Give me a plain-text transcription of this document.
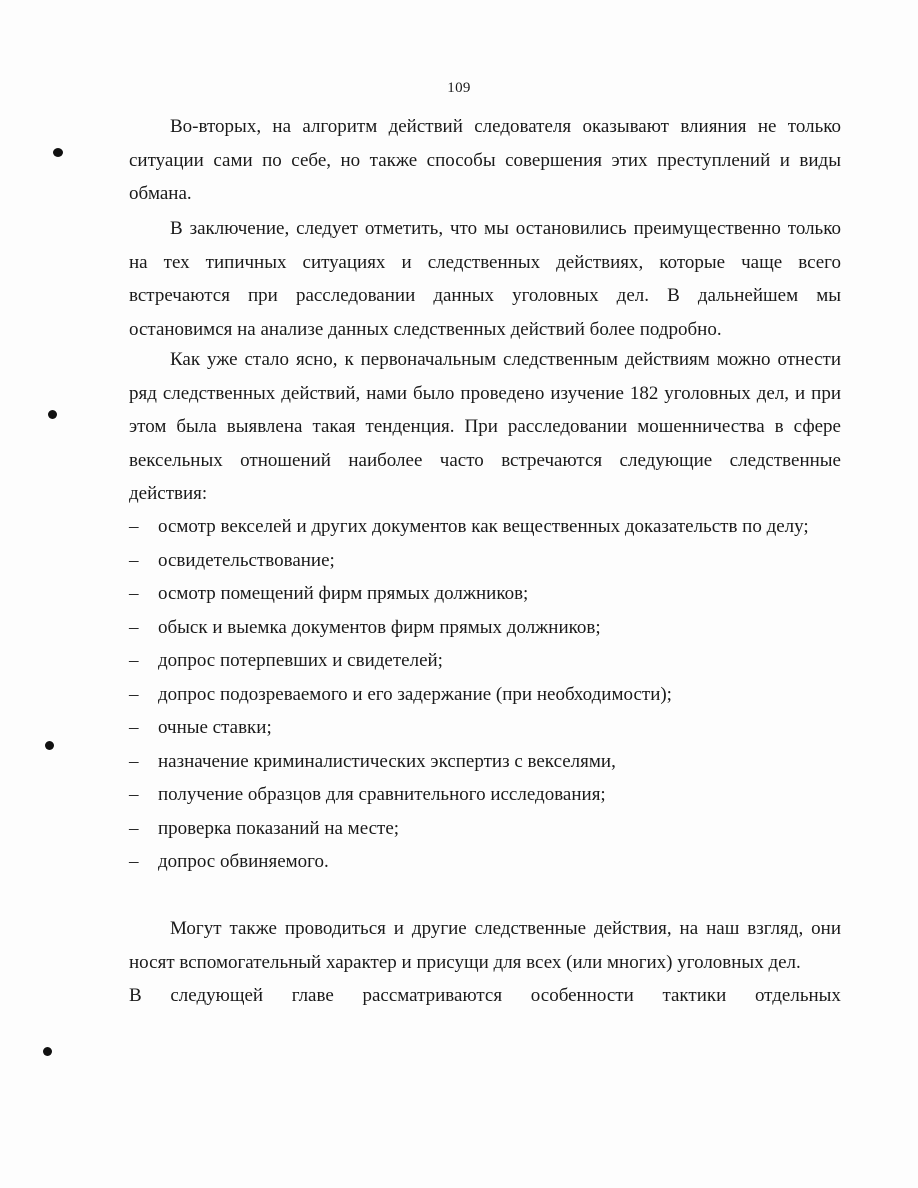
109

Во-вторых, на алгоритм действий следователя оказывают влияния не только ситуации сами по себе, но также способы совершения этих преступлений и виды обмана.

В заключение, следует отметить, что мы остановились преимущественно только на тех типичных ситуациях и следственных действиях, которые чаще всего встречаются при расследовании данных уголовных дел. В дальнейшем мы остановимся на анализе данных следственных действий более подробно.

Как уже стало ясно, к первоначальным следственным действиям можно отнести ряд следственных действий, нами было проведено изучение 182 уголовных дел, и при этом была выявлена такая тенденция. При расследовании мошенничества в сфере вексельных отношений наиболее часто встречаются следующие следственные действия:

– осмотр векселей и других документов как вещественных доказательств по делу;
– освидетельствование;
– осмотр помещений фирм прямых должников;
– обыск и выемка документов фирм прямых должников;
– допрос потерпевших и свидетелей;
– допрос подозреваемого и его задержание (при необходимости);
– очные ставки;
– назначение криминалистических экспертиз с векселями,
– получение образцов для сравнительного исследования;
– проверка показаний на месте;
– допрос обвиняемого.

Могут также проводиться и другие следственные действия, на наш взгляд, они носят вспомогательный характер и присущи для всех (или многих) уголовных дел.

В следующей главе рассматриваются особенности тактики отдельных
